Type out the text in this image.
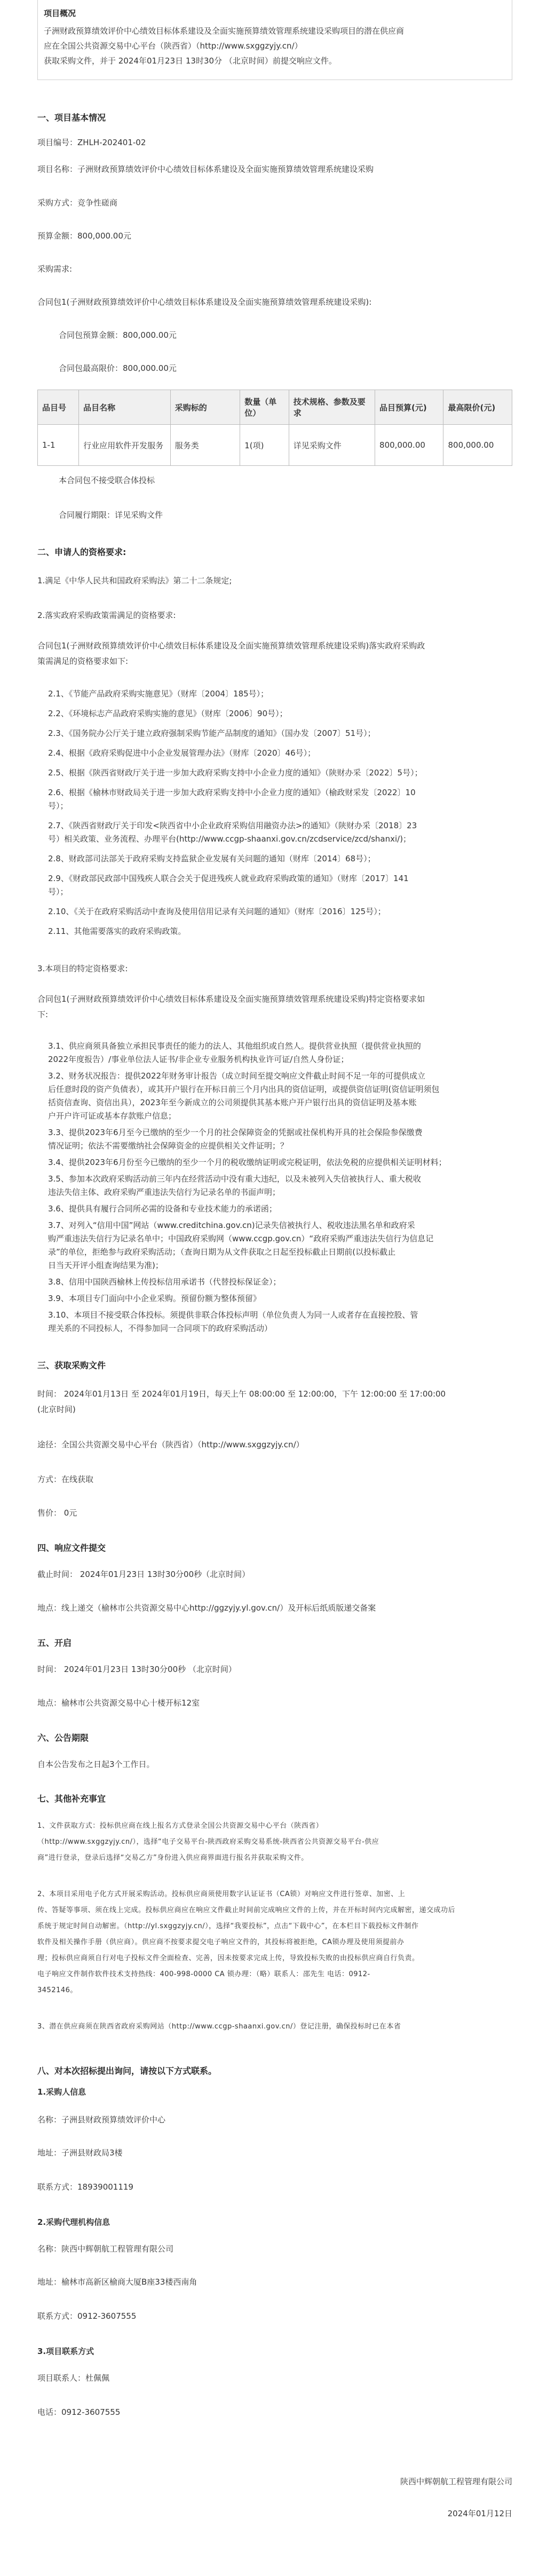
项目概况
子洲财政预算绩效评价中心绩效目标体系建设及全面实施预算绩效管理系统建设采购项目的潜在供应商
应在全国公共资源交易中心平台（陕西省）（http://www.sxggzyjy.cn/）
获取采购文件，并于 2024年01月23日 13时30分 （北京时间）前提交响应文件。
一、项目基本情况
项目编号：ZHLH-202401-02
项目名称：子洲财政预算绩效评价中心绩效目标体系建设及全面实施预算绩效管理系统建设采购
采购方式：竞争性磋商
预算金额：800,000.00元
采购需求:
合同包1(子洲财政预算绩效评价中心绩效目标体系建设及全面实施预算绩效管理系统建设采购):
合同包预算金额：800,000.00元
合同包最高限价：800,000.00元
品目号	品目名称	采购标的	数量（单位）	技术规格、参数及要求	品目预算(元)	最高限价(元)
1-1	行业应用软件开发服务	服务类	1(项)	详见采购文件	800,000.00	800,000.00
本合同包不接受联合体投标
合同履行期限：详见采购文件
二、申请人的资格要求:
1.满足《中华人民共和国政府采购法》第二十二条规定;
2.落实政府采购政策需满足的资格要求:
合同包1(子洲财政预算绩效评价中心绩效目标体系建设及全面实施预算绩效管理系统建设采购)落实政府采购政
策需满足的资格要求如下:
2.1、《节能产品政府采购实施意见》（财库〔2004〕185号）；
2.2、《环境标志产品政府采购实施的意见》（财库〔2006〕90号）；
2.3、《国务院办公厅关于建立政府强制采购节能产品制度的通知》（国办发〔2007〕51号）；
2.4、根据《政府采购促进中小企业发展管理办法》（财库〔2020〕46号）；
2.5、根据《陕西省财政厅关于进一步加大政府采购支持中小企业力度的通知》（陕财办采〔2022〕5号）；
2.6、根据《榆林市财政局关于进一步加大政府采购支持中小企业力度的通知》（榆政财采发〔2022〕10
号）；
2.7、《陕西省财政厅关于印发<陕西省中小企业政府采购信用融资办法>的通知》（陕财办采〔2018〕23
号）相关政策、业务流程、办理平台(http://www.ccgp-shaanxi.gov.cn/zcdservice/zcd/shanxi/)；
2.8、财政部司法部关于政府采购支持监狱企业发展有关问题的通知（财库〔2014〕68号）；
2.9、《财政部民政部中国残疾人联合会关于促进残疾人就业政府采购政策的通知》（财库〔2017〕141
号）；
2.10、《关于在政府采购活动中查询及使用信用记录有关问题的通知》（财库〔2016〕125号）；
2.11、其他需要落实的政府采购政策。
3.本项目的特定资格要求:
合同包1(子洲财政预算绩效评价中心绩效目标体系建设及全面实施预算绩效管理系统建设采购)特定资格要求如
下:
3.1、供应商须具备独立承担民事责任的能力的法人、其他组织或自然人。提供营业执照（提供营业执照的
2022年度报告）/事业单位法人证书/非企业专业服务机构执业许可证/自然人身份证；
3.2、财务状况报告：提供2022年财务审计报告（成立时间至提交响应文件截止时间不足一年的可提供成立
后任意时段的资产负债表），或其开户银行在开标日前三个月内出具的资信证明，或提供资信证明(资信证明须包
括资信查询、资信出具），2023年至今新成立的公司须提供其基本账户开户银行出具的资信证明及基本账
户开户许可证或基本存款账户信息；
3.3、提供2023年6月至今已缴纳的至少一个月的社会保障资金的凭据或社保机构开具的社会保险参保缴费
情况证明；依法不需要缴纳社会保障资金的应提供相关文件证明；？
3.4、提供2023年6月份至今已缴纳的至少一个月的税收缴纳证明或完税证明，依法免税的应提供相关证明材料；
3.5、参加本次政府采购活动前三年内在经营活动中没有重大违纪，以及未被列入失信被执行人、重大税收
违法失信主体、政府采购严重违法失信行为记录名单的书面声明；
3.6、提供具有履行合同所必需的设备和专业技术能力的承诺函；
3.7、对列入“信用中国”网站（www.creditchina.gov.cn)记录失信被执行人、税收违法黑名单和政府采
购严重违法失信行为记录名单中；中国政府采购网（www.ccgp.gov.cn）“政府采购严重违法失信行为信息记
录”的单位，拒绝参与政府采购活动；（查询日期为从文件获取之日起至投标截止日期前(以投标截止
日当天开评小组查询结果为准)；
3.8、信用中国陕西榆林上传投标信用承诺书（代替投标保证金）；
3.9、本项目专门面向中小企业采购。预留份额为整体预留》
3.10、本项目不接受联合体投标。须提供非联合体投标声明（单位负责人为同一人或者存在直接控股、管
理关系的不同投标人，不得参加同一合同项下的政府采购活动）
三、获取采购文件
时间： 2024年01月13日 至 2024年01月19日，每天上午 08:00:00 至 12:00:00，下午 12:00:00 至 17:00:00
(北京时间)
途径：全国公共资源交易中心平台（陕西省）（http://www.sxggzyjy.cn/）
方式：在线获取
售价： 0元
四、响应文件提交
截止时间： 2024年01月23日 13时30分00秒（北京时间）
地点：线上递交（榆林市公共资源交易中心http://ggzyjy.yl.gov.cn/）及开标后纸质版递交备案
五、开启
时间： 2024年01月23日 13时30分00秒 （北京时间）
地点：榆林市公共资源交易中心十楼开标12室
六、公告期限
自本公告发布之日起3个工作日。
七、其他补充事宜
1、文件获取方式：投标供应商在线上报名方式登录全国公共资源交易中心平台（陕西省）
（http://www.sxggzyjy.cn/），选择“电子交易平台-陕西政府采购交易系统-陕西省公共资源交易平台-供应
商”进行登录，登录后选择“交易乙方”身份进入供应商界面进行报名并获取采购文件。
2、本项目采用电子化方式开展采购活动。投标供应商须使用数字认证证书（CA锁）对响应文件进行签章、加密、上
传、答疑等事项、须在线上完成。投标供应商应在响应文件截止时间前完成响应文件的上传，并在开标时间内完成解密，递交成功后
系统于规定时间自动解密。（http://yl.sxggzyjy.cn/），选择“我要投标”，点击“下载中心”，在本栏目下载投标文件制作
软件及相关操作手册（供应商）。供应商不按要求提交电子响应文件的，其投标将被拒绝，CA锁办理及使用须提前办
理；投标供应商须自行对电子投标文件全面检查、完善，因未按要求完成上传，导致投标失败的由投标供应商自行负责。
电子响应文件制作软件技术支持热线：400-998-0000 CA 锁办理：（略）联系人：邵先生 电话：0912-
3452146。
3、潜在供应商须在陕西省政府采购网站（http://www.ccgp-shaanxi.gov.cn/）登记注册，确保投标时已在本省
八、对本次招标提出询问，请按以下方式联系。
1.采购人信息
名称：子洲县财政预算绩效评价中心
地址：子洲县财政局3楼
联系方式：18939001119
2.采购代理机构信息
名称：陕西中辉朝航工程管理有限公司
地址：榆林市高新区榆商大厦B座33楼西南角
联系方式：0912-3607555
3.项目联系方式
项目联系人：杜佩佩
电话：0912-3607555
陕西中辉朝航工程管理有限公司
2024年01月12日
